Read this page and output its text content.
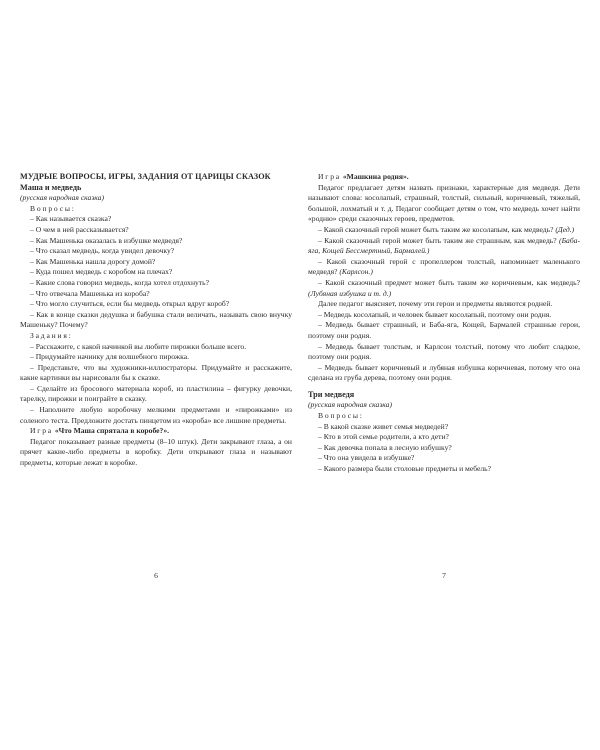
МУДРЫЕ ВОПРОСЫ, ИГРЫ, ЗАДАНИЯ ОТ ЦАРИЦЫ СКАЗОК

Маша и медведь

(русская народная сказка)

Вопросы:

– Как называется сказка?

– О чем в ней рассказывается?

– Как Машенька оказалась в избушке медведя?

– Что сказал медведь, когда увидел девочку?

– Как Машенька нашла дорогу домой?

– Куда пошел медведь с коробом на плечах?

– Какие слова говорил медведь, когда хотел отдохнуть?

– Что отвечала Машенька из короба?

– Что могло случиться, если бы медведь открыл вдруг короб?

– Как в конце сказки дедушка и бабушка стали величать, называть свою внучку Машеньку? Почему?

Задания:

– Расскажите, с какой начинкой вы любите пирожки больше всего.

– Придумайте начинку для волшебного пирожка.

– Представьте, что вы художники-иллюстраторы. Придумайте и расскажите, какие картинки вы нарисовали бы к сказке.

– Сделайте из бросового материала короб, из пластилина – фигурку девочки, тарелку, пирожки и поиграйте в сказку.

– Наполните любую коробочку мелкими предметами и «пирожками» из соленого теста. Предложите достать пинцетом из «короба» все лишние предметы.

Игра «Что Маша спрятала в коробе?».

Педагог показывает разные предметы (8–10 штук). Дети закрывают глаза, а он прячет какие-либо предметы в коробку. Дети открывают глаза и называют предметы, которые лежат в коробке.

6

Игра «Машкина родня».

Педагог предлагает детям назвать признаки, характерные для медведя. Дети называют слова: косолапый, страшный, толстый, сильный, коричневый, тяжелый, большой, лохматый и т. д. Педагог сообщает детям о том, что медведь хочет найти «родню» среди сказочных героев, предметов.

– Какой сказочный герой может быть таким же косолапым, как медведь? (Дед.)

– Какой сказочный герой может быть таким же страшным, как медведь? (Баба-яга, Кощей Бессмертный, Бармалей.)

– Какой сказочный герой с пропеллером толстый, напоминает маленького медведя? (Карлсон.)

– Какой сказочный предмет может быть таким же коричневым, как медведь? (Лубяная избушка и т. д.)

Далее педагог выясняет, почему эти герои и предметы являются родней.

– Медведь косолапый, и человек бывает косолапый, поэтому они родня.

– Медведь бывает страшный, и Баба-яга, Кощей, Бармалей страшные герои, поэтому они родня.

– Медведь бывает толстым, и Карлсон толстый, потому что любит сладкое, поэтому они родня.

– Медведь бывает коричневый и лубяная избушка коричневая, потому что она сделана из груба дерева, поэтому они родня.

Три медведя

(русская народная сказка)

Вопросы:

– В какой сказке живет семья медведей?

– Кто в этой семье родители, а кто дети?

– Как девочка попала в лесную избушку?

– Что она увидела в избушке?

– Какого размера были столовые предметы и мебель?

7
